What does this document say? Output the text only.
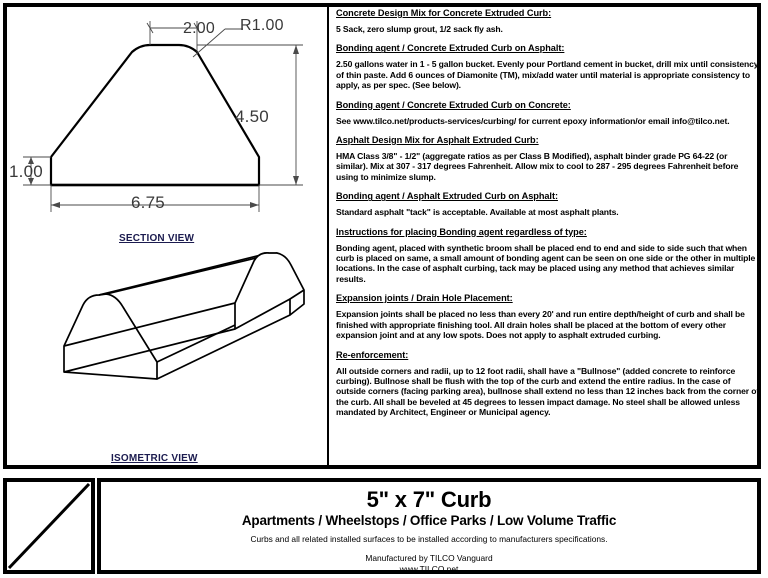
2.00 R1.00
4.50
1.00
6.75
SECTION VIEW
ISOMETRIC VIEW
Concrete Design Mix for Concrete Extruded Curb:
5 Sack, zero slump grout, 1/2 sack fly ash.
Bonding agent / Concrete Extruded Curb on Asphalt:
2.50 gallons water in 1 - 5 gallon bucket. Evenly pour Portland cement in bucket, drill mix until consistency of thin paste. Add 6 ounces of Diamonite (TM), mix/add water until material is appropriate consistency to apply, as per spec. (See below).
Bonding agent / Concrete Extruded Curb on Concrete:
See www.tilco.net/products-services/curbing/ for current epoxy information/or email info@tilco.net.
Asphalt Design Mix for Asphalt Extruded Curb:
HMA Class 3/8" - 1/2" (aggregate ratios as per Class B Modified), asphalt binder grade PG 64-22 (or similar). Mix at 307 - 317 degrees Fahrenheit. Allow mix to cool to 287 - 295 degrees Fahrenheit before using to minimize slump.
Bonding agent / Asphalt Extruded Curb on Asphalt:
Standard asphalt "tack" is acceptable. Available at most asphalt plants.
Instructions for placing Bonding agent regardless of type:
Bonding agent, placed with synthetic broom shall be placed end to end and side to side such that when curb is placed on same, a small amount of bonding agent can be seen on one side or the other in multiple locations. In the case of asphalt curbing, tack may be placed using any method that achieves similar results.
Expansion joints / Drain Hole Placement:
Expansion joints shall be placed no less than every 20' and run entire depth/height of curb and shall be finished with appropriate finishing tool. All drain holes shall be placed at the bottom of every other expansion joint and at any low spots. Does not apply to asphalt extruded curbing.
Re-enforcement:
All outside corners and radii, up to 12 foot radii, shall have a "Bullnose" (added concrete to reinforce curbing). Bullnose shall be flush with the top of the curb and extend the entire radius. In the case of outside corners (facing parking area), bullnose shall extend no less than 12 inches back from the corner of the curb. All shall be beveled at 45 degrees to lessen impact damage. No steel shall be allowed unless mandated by Architect, Engineer or Municipal agency.
5" x 7" Curb
Apartments / Wheelstops / Office Parks / Low Volume Traffic
Curbs and all related installed surfaces to be installed according to manufacturers specifications.
Manufactured by TILCO Vanguard
www.TILCO.net
